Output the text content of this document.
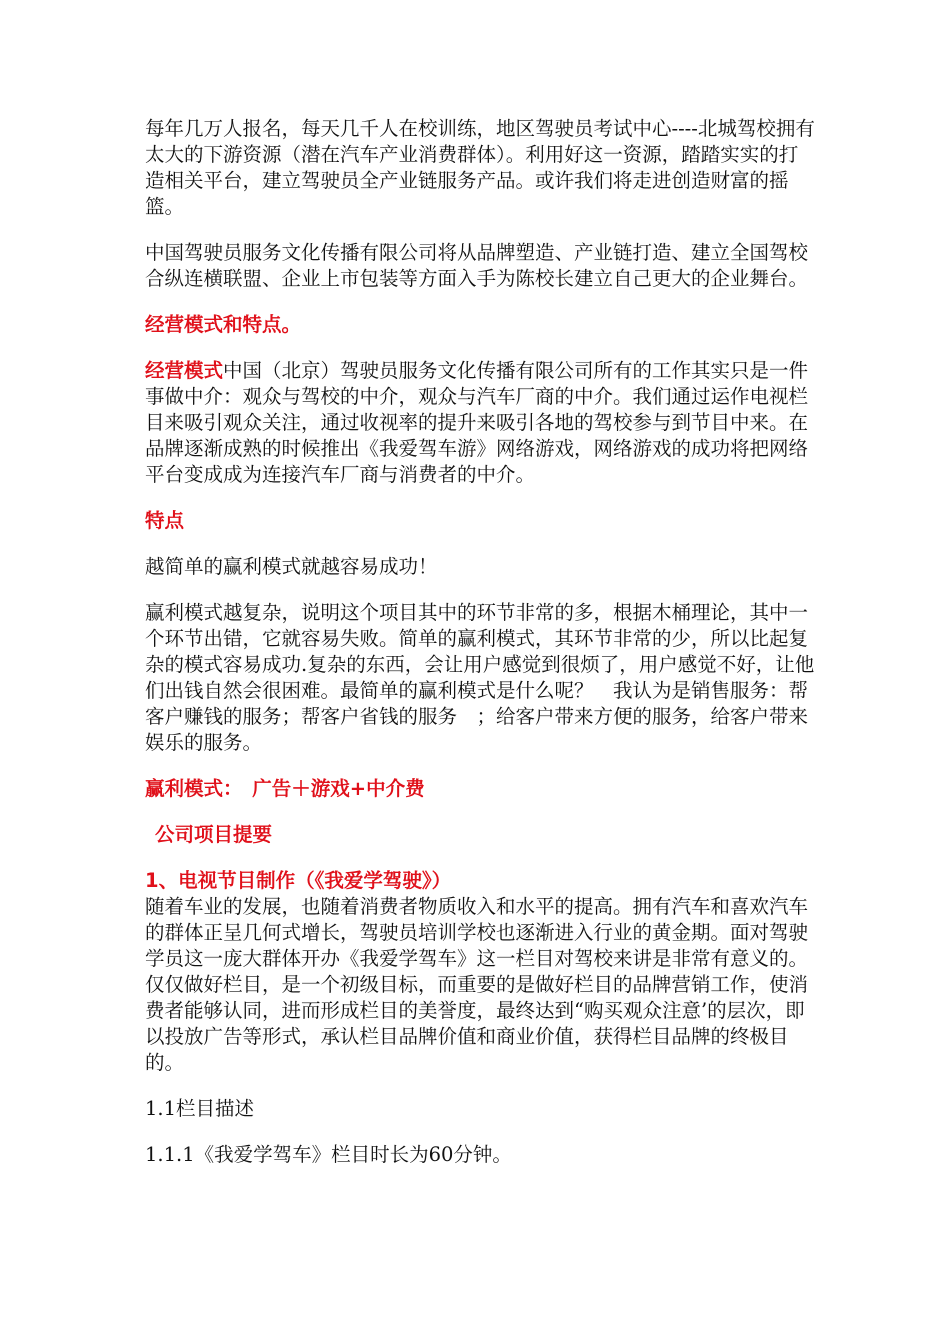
每年几万人报名，每天几千人在校训练，地区驾驶员考试中心----北城驾校拥有太大的下游资源（潜在汽车产业消费群体）。利用好这一资源，踏踏实实的打造相关平台，建立驾驶员全产业链服务产品。或许我们将走进创造财富的摇篮。

中国驾驶员服务文化传播有限公司将从品牌塑造、产业链打造、建立全国驾校合纵连横联盟、企业上市包装等方面入手为陈校长建立自己更大的企业舞台。

经营模式和特点。

经营模式中国（北京）驾驶员服务文化传播有限公司所有的工作其实只是一件事做中介：观众与驾校的中介，观众与汽车厂商的中介。我们通过运作电视栏目来吸引观众关注，通过收视率的提升来吸引各地的驾校参与到节目中来。在品牌逐渐成熟的时候推出《我爱驾车游》网络游戏，网络游戏的成功将把网络平台变成成为连接汽车厂商与消费者的中介。

特点

越简单的赢利模式就越容易成功！

赢利模式越复杂，说明这个项目其中的环节非常的多，根据木桶理论，其中一个环节出错，它就容易失败。简单的赢利模式，其环节非常的少，所以比起复杂的模式容易成功.复杂的东西，会让用户感觉到很烦了，用户感觉不好，让他们出钱自然会很困难。最简单的赢利模式是什么呢？　我认为是销售服务：帮客户赚钱的服务；帮客户省钱的服务　；给客户带来方便的服务，给客户带来娱乐的服务。

赢利模式：　广告＋游戏+中介费

公司项目提要

1、电视节目制作（《我爱学驾驶》）

随着车业的发展，也随着消费者物质收入和水平的提高。拥有汽车和喜欢汽车的群体正呈几何式增长，驾驶员培训学校也逐渐进入行业的黄金期。面对驾驶学员这一庞大群体开办《我爱学驾车》这一栏目对驾校来讲是非常有意义的。仅仅做好栏目，是一个初级目标，而重要的是做好栏目的品牌营销工作，使消费者能够认同，进而形成栏目的美誉度，最终达到“购买观众注意’的层次，即以投放广告等形式，承认栏目品牌价值和商业价值，获得栏目品牌的终极目的。

1.1栏目描述

1.1.1《我爱学驾车》栏目时长为60分钟。
